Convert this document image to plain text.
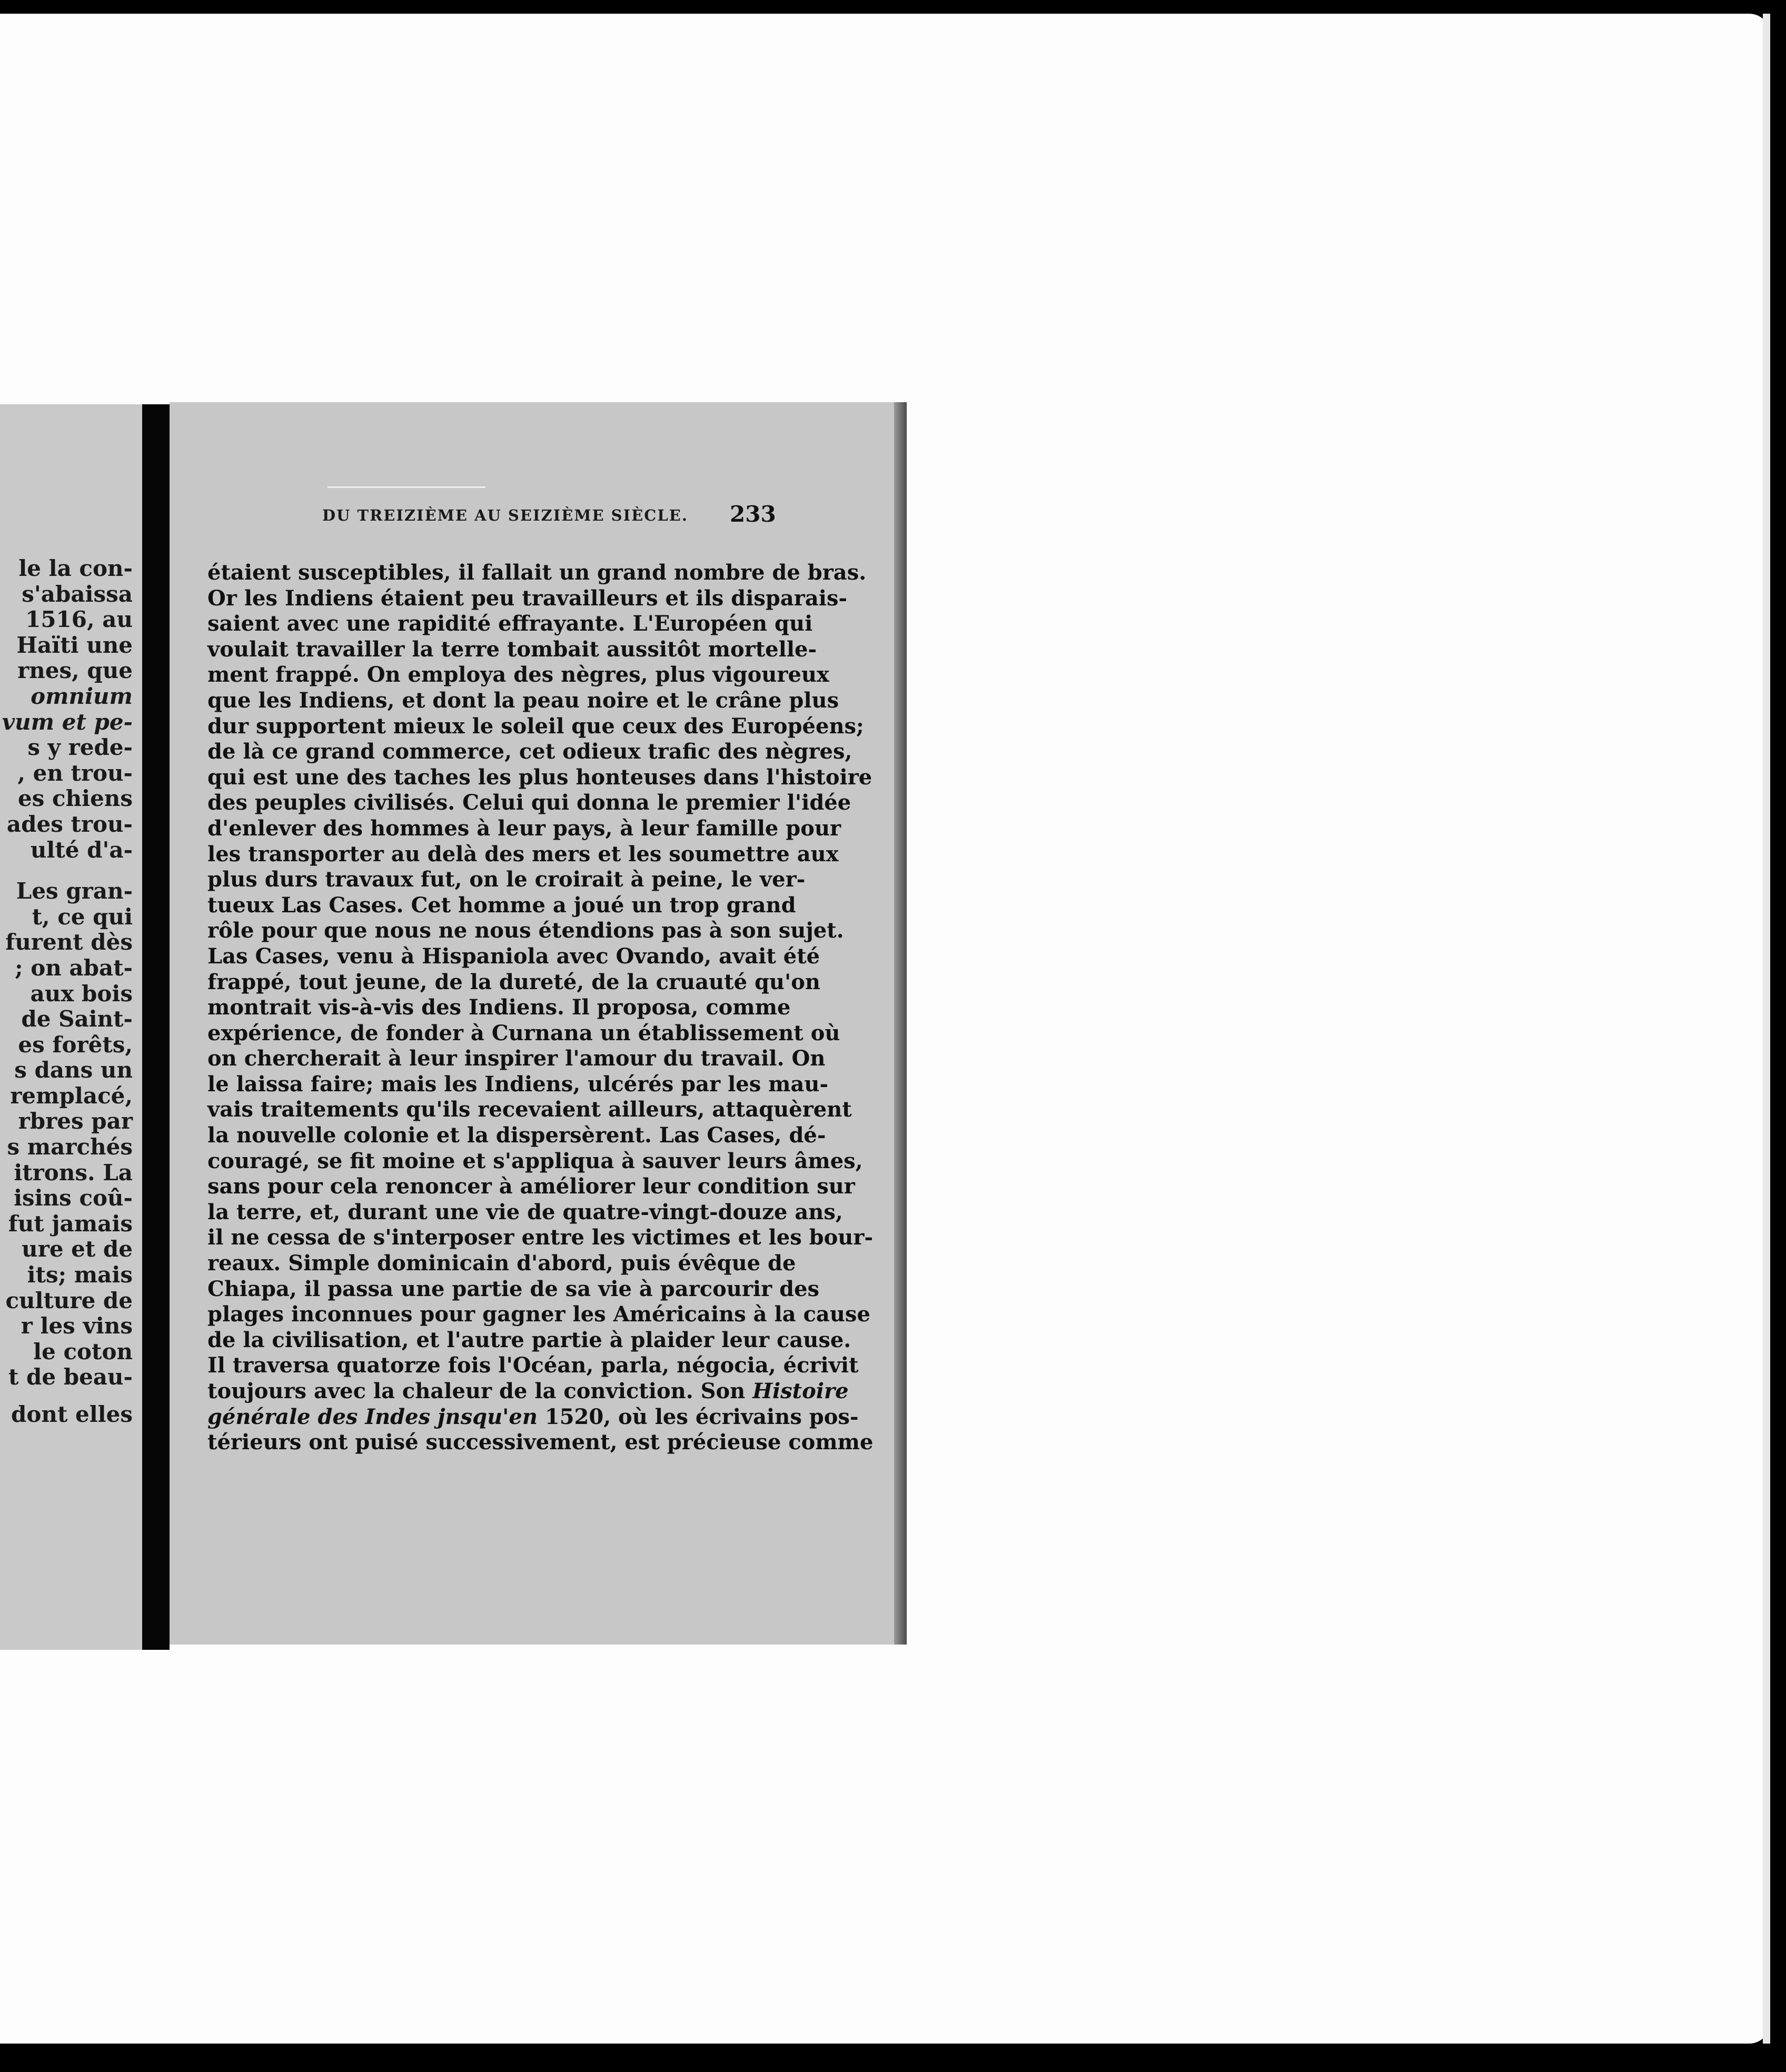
le la con-
s'abaissa
1516, au
Haïti une
rnes, que
omnium
vum et pe-
s y rede-
, en trou-
es chiens
ades trou-
ulté d'a-
Les gran-
t, ce qui
furent dès
; on abat-
aux bois
de Saint-
es forêts,
s dans un
remplacé,
rbres par
s marchés
itrons. La
isins coû-
fut jamais
ure et de
its; mais
culture de
r les vins
le coton
t de beau-
dont elles
DU TREIZIÈME AU SEIZIÈME SIÈCLE.	233
étaient susceptibles, il fallait un grand nombre de bras.
Or les Indiens étaient peu travailleurs et ils disparais-
saient avec une rapidité effrayante. L'Européen qui
voulait travailler la terre tombait aussitôt mortelle-
ment frappé. On employa des nègres, plus vigoureux
que les Indiens, et dont la peau noire et le crâne plus
dur supportent mieux le soleil que ceux des Européens;
de là ce grand commerce, cet odieux trafic des nègres,
qui est une des taches les plus honteuses dans l'histoire
des peuples civilisés. Celui qui donna le premier l'idée
d'enlever des hommes à leur pays, à leur famille pour
les transporter au delà des mers et les soumettre aux
plus durs travaux fut, on le croirait à peine, le ver-
tueux Las Cases. Cet homme a joué un trop grand
rôle pour que nous ne nous étendions pas à son sujet.
Las Cases, venu à Hispaniola avec Ovando, avait été
frappé, tout jeune, de la dureté, de la cruauté qu'on
montrait vis-à-vis des Indiens. Il proposa, comme
expérience, de fonder à Curnana un établissement où
on chercherait à leur inspirer l'amour du travail. On
le laissa faire; mais les Indiens, ulcérés par les mau-
vais traitements qu'ils recevaient ailleurs, attaquèrent
la nouvelle colonie et la dispersèrent. Las Cases, dé-
couragé, se fit moine et s'appliqua à sauver leurs âmes,
sans pour cela renoncer à améliorer leur condition sur
la terre, et, durant une vie de quatre-vingt-douze ans,
il ne cessa de s'interposer entre les victimes et les bour-
reaux. Simple dominicain d'abord, puis évêque de
Chiapa, il passa une partie de sa vie à parcourir des
plages inconnues pour gagner les Américains à la cause
de la civilisation, et l'autre partie à plaider leur cause.
Il traversa quatorze fois l'Océan, parla, négocia, écrivit
toujours avec la chaleur de la conviction. Son Histoire
générale des Indes jnsqu'en 1520, où les écrivains pos-
térieurs ont puisé successivement, est précieuse comme
